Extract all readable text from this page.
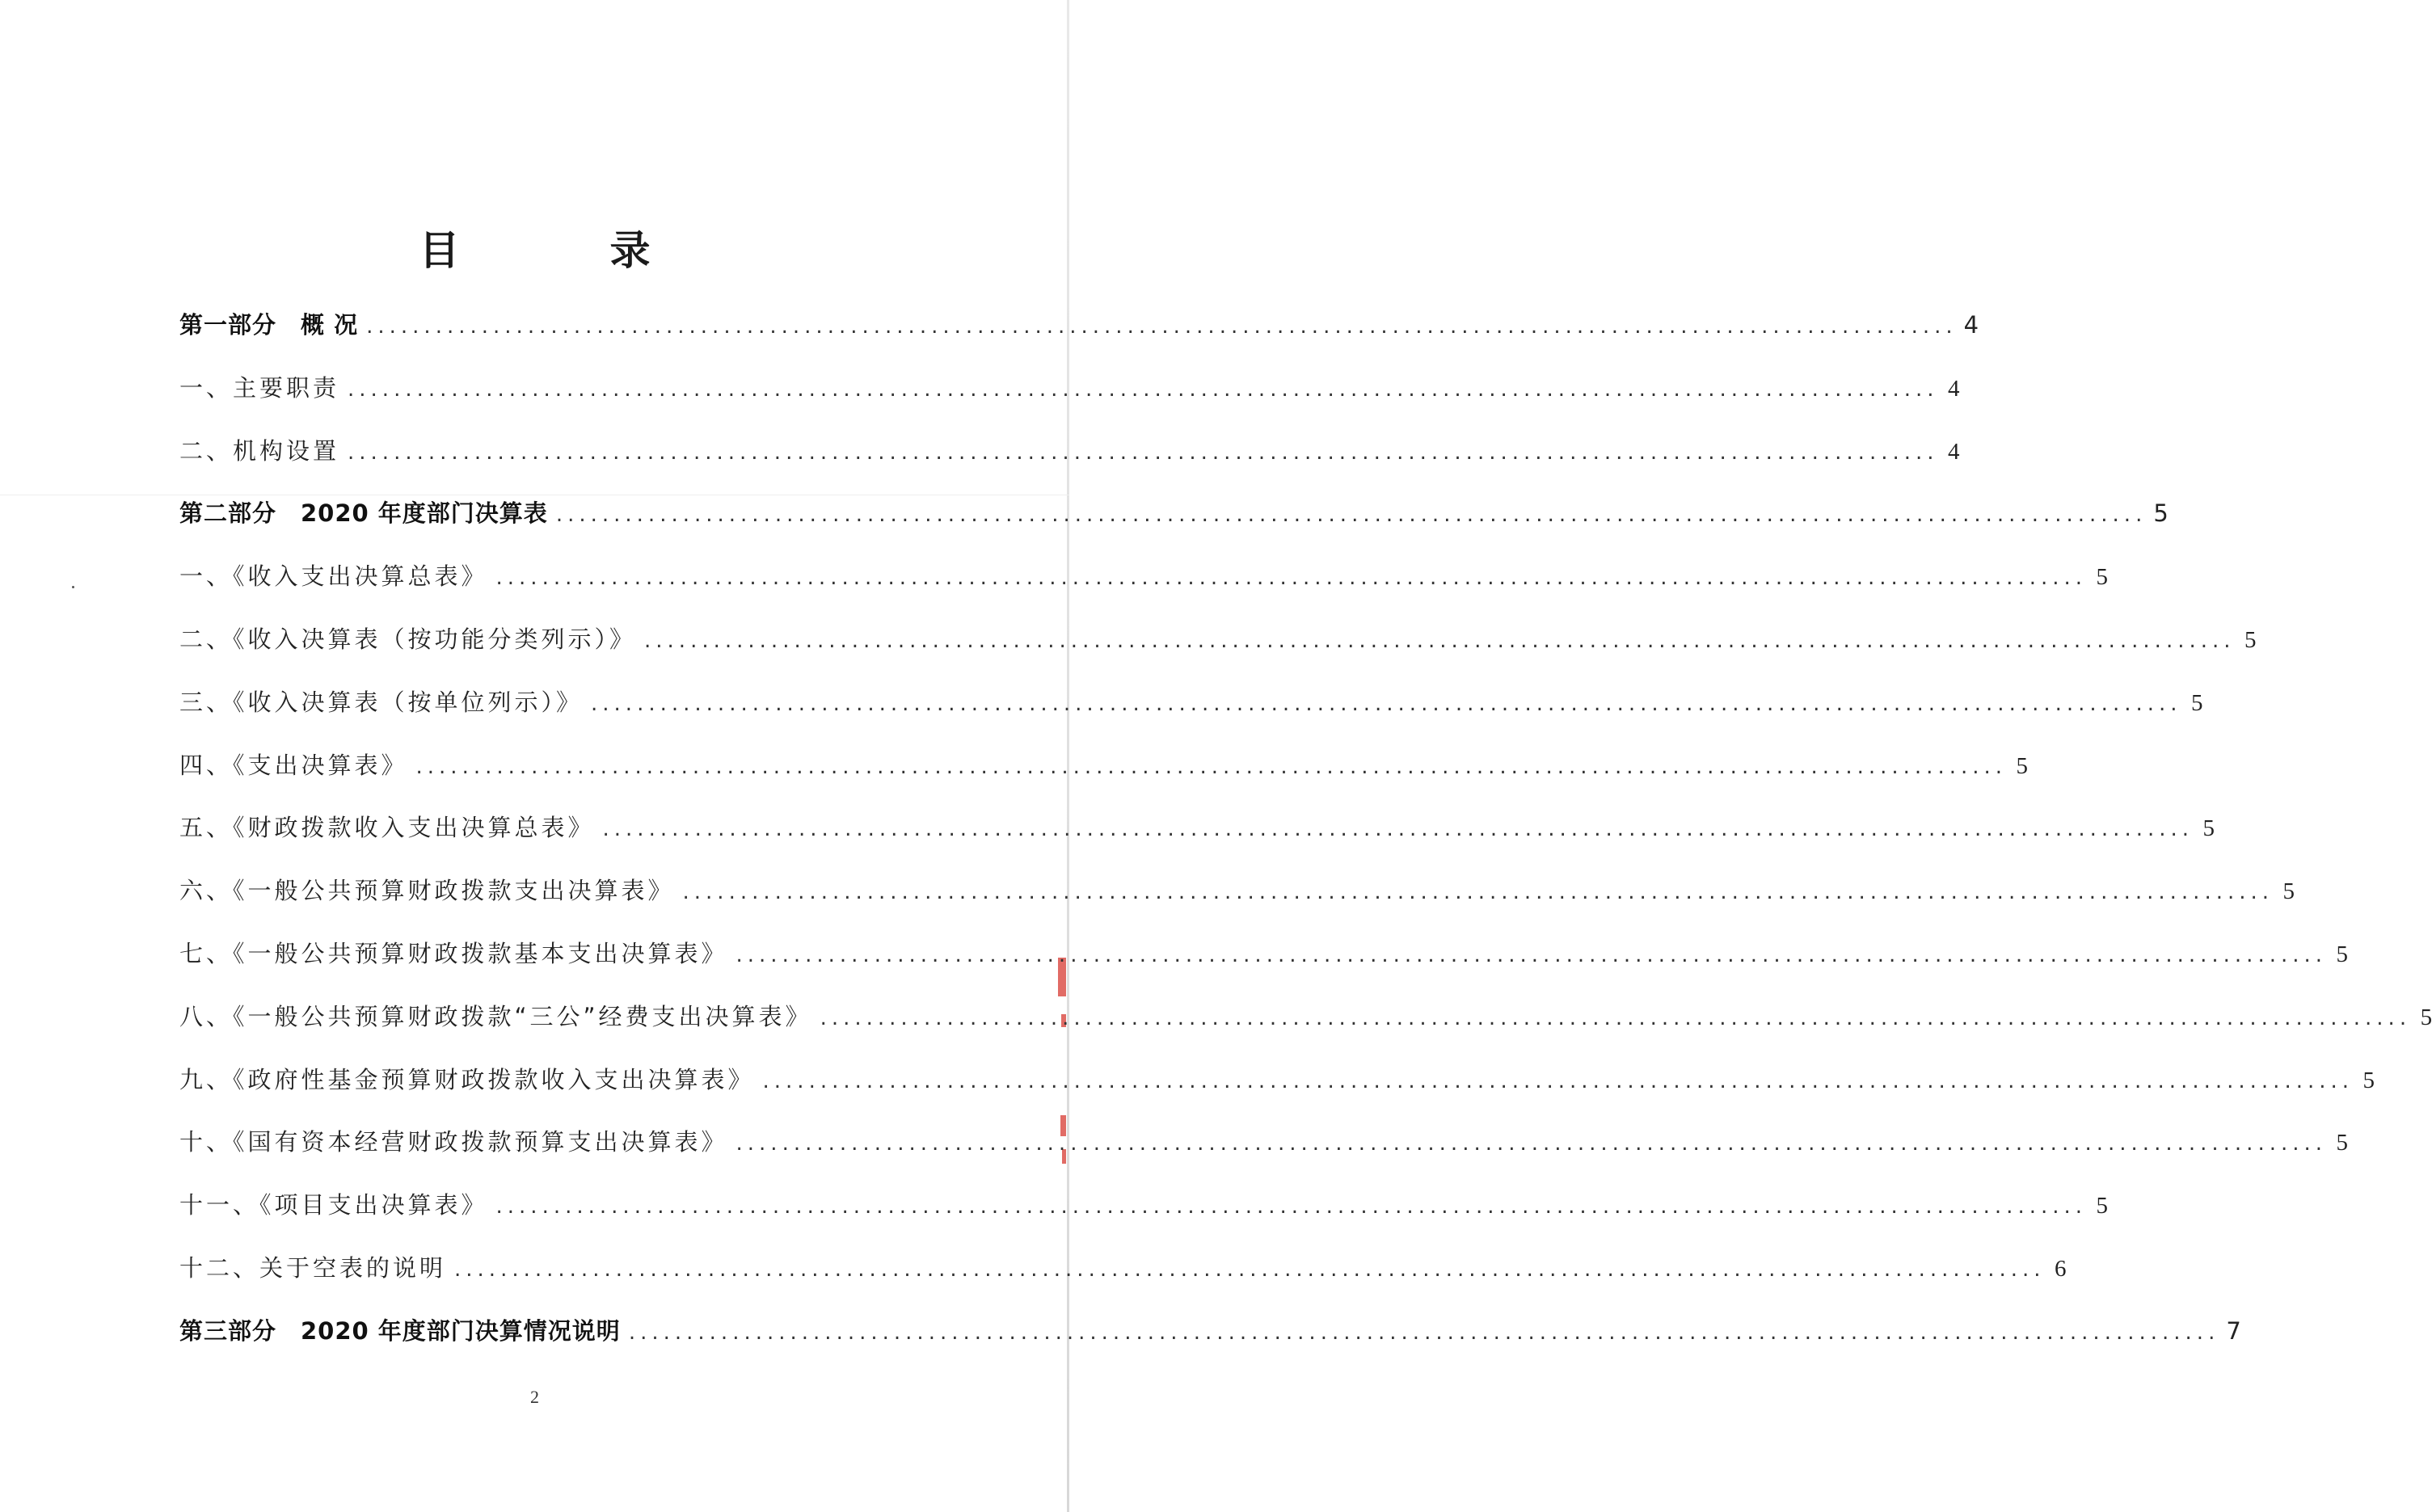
目　录
第一部分　概 况 .......................................................................................................................................... 4
一、主要职责 .......................................................................................................................................... 4
二、机构设置 .......................................................................................................................................... 4
第二部分　2020 年度部门决算表 .......................................................................................................................................... 5
一、《收入支出决算总表》 .......................................................................................................................................... 5
二、《收入决算表（按功能分类列示）》 .......................................................................................................................................... 5
三、《收入决算表（按单位列示）》 .......................................................................................................................................... 5
四、《支出决算表》 .......................................................................................................................................... 5
五、《财政拨款收入支出决算总表》 .......................................................................................................................................... 5
六、《一般公共预算财政拨款支出决算表》 .......................................................................................................................................... 5
七、《一般公共预算财政拨款基本支出决算表》 .......................................................................................................................................... 5
八、《一般公共预算财政拨款“三公”经费支出决算表》 .......................................................................................................................................... 5
九、《政府性基金预算财政拨款收入支出决算表》 .......................................................................................................................................... 5
十、《国有资本经营财政拨款预算支出决算表》 .......................................................................................................................................... 5
十一、《项目支出决算表》 .......................................................................................................................................... 5
十二、关于空表的说明 .......................................................................................................................................... 6
第三部分　2020 年度部门决算情况说明 .......................................................................................................................................... 7
2
